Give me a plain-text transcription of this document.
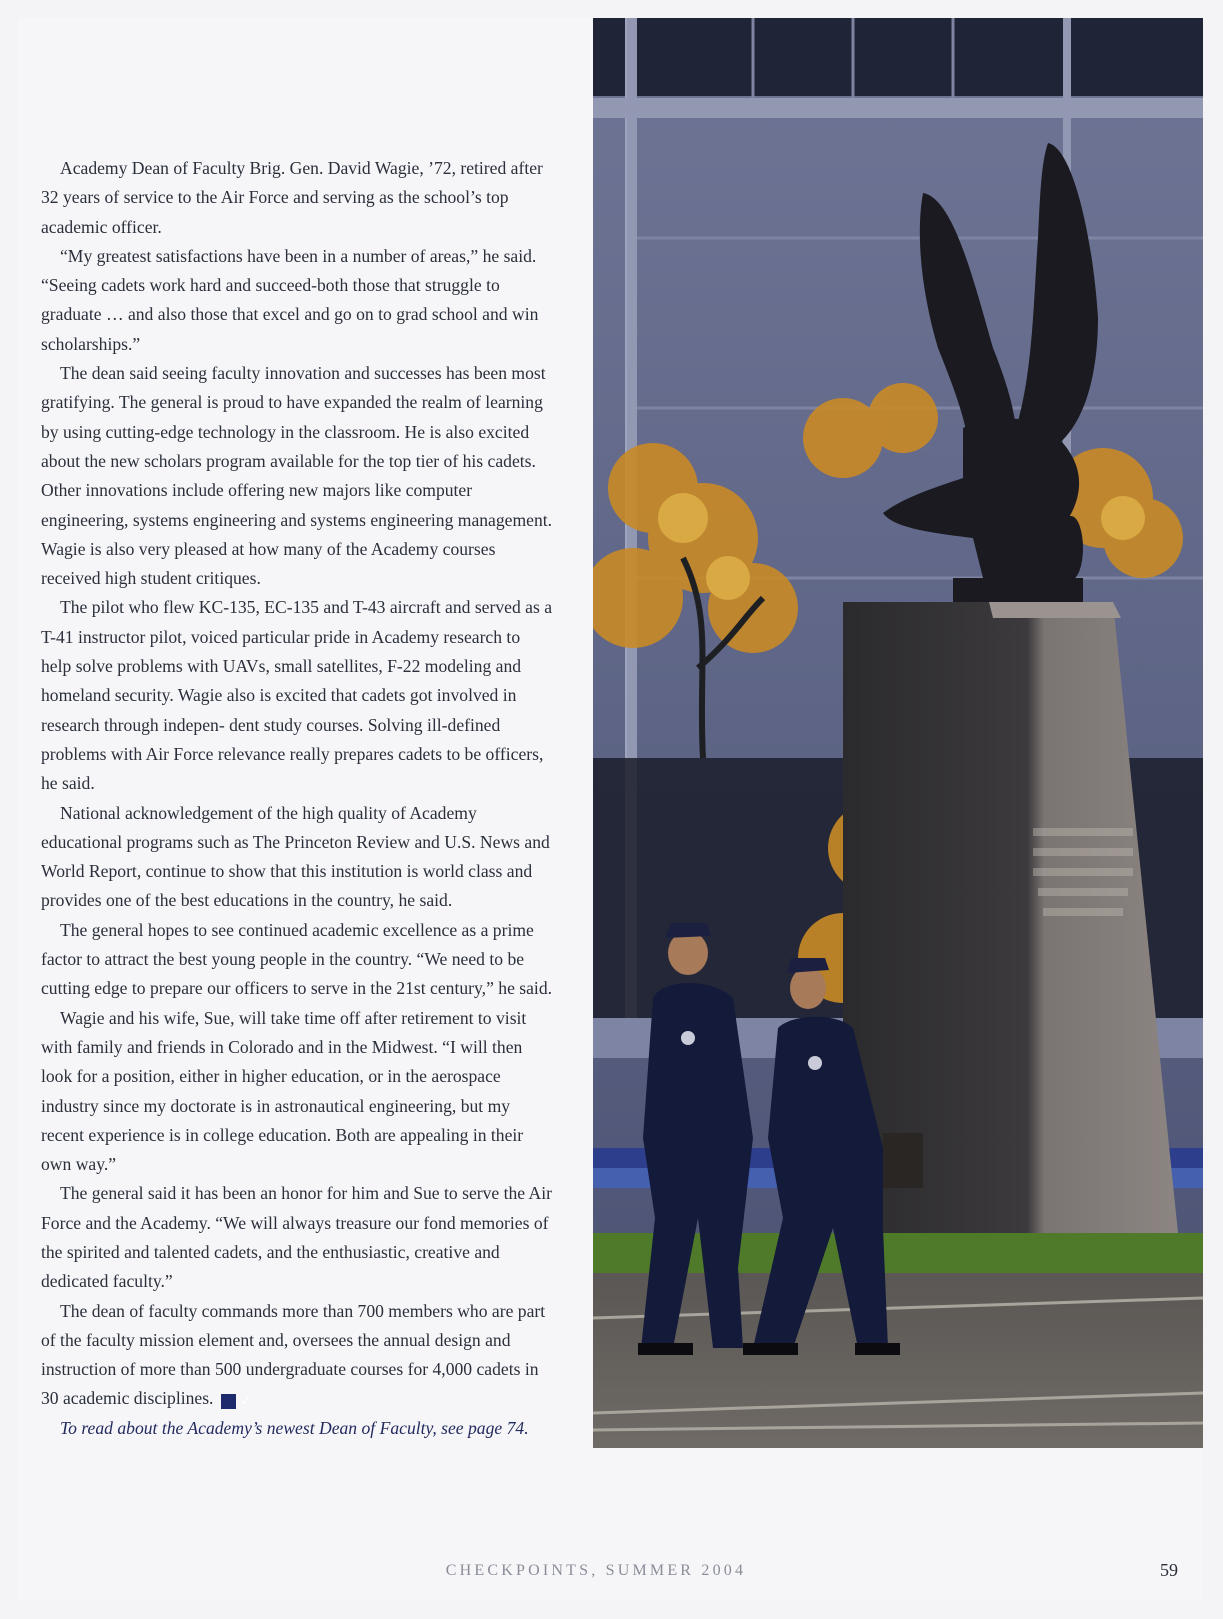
Academy Dean of Faculty Brig. Gen. David Wagie, ’72, retired after 32 years of service to the Air Force and serving as the school’s top academic officer.

“My greatest satisfactions have been in a number of areas,” he said. “Seeing cadets work hard and succeed-both those that struggle to graduate … and also those that excel and go on to grad school and win scholarships.”

The dean said seeing faculty innovation and successes has been most gratifying. The general is proud to have expanded the realm of learning by using cutting-edge technology in the classroom. He is also excited about the new scholars program available for the top tier of his cadets. Other innovations include offering new majors like computer engineering, systems engineering and systems engineering management. Wagie is also very pleased at how many of the Academy courses received high student critiques.

The pilot who flew KC-135, EC-135 and T-43 aircraft and served as a T-41 instructor pilot, voiced particular pride in Academy research to help solve problems with UAVs, small satellites, F-22 modeling and homeland security. Wagie also is excited that cadets got involved in research through indepen- dent study courses. Solving ill-defined problems with Air Force relevance really prepares cadets to be officers, he said.

National acknowledgement of the high quality of Academy educational programs such as The Princeton Review and U.S. News and World Report, continue to show that this institution is world class and provides one of the best educations in the country, he said.

The general hopes to see continued academic excellence as a prime factor to attract the best young people in the country. “We need to be cutting edge to prepare our officers to serve in the 21st century,” he said.

Wagie and his wife, Sue, will take time off after retirement to visit with family and friends in Colorado and in the Midwest. “I will then look for a position, either in higher education, or in the aerospace industry since my doctorate is in astronautical engineering, but my recent experience is in college education. Both are appealing in their own way.”

The general said it has been an honor for him and Sue to serve the Air Force and the Academy. “We will always treasure our fond memories of the spirited and talented cadets, and the enthusiastic, creative and dedicated faculty.”

The dean of faculty commands more than 700 members who are part of the faculty mission element and, oversees the annual design and instruction of more than 500 undergraduate courses for 4,000 cadets in 30 academic disciplines. ✓

To read about the Academy’s newest Dean of Faculty, see page 74.

CHECKPOINTS, SUMMER 2004	59
